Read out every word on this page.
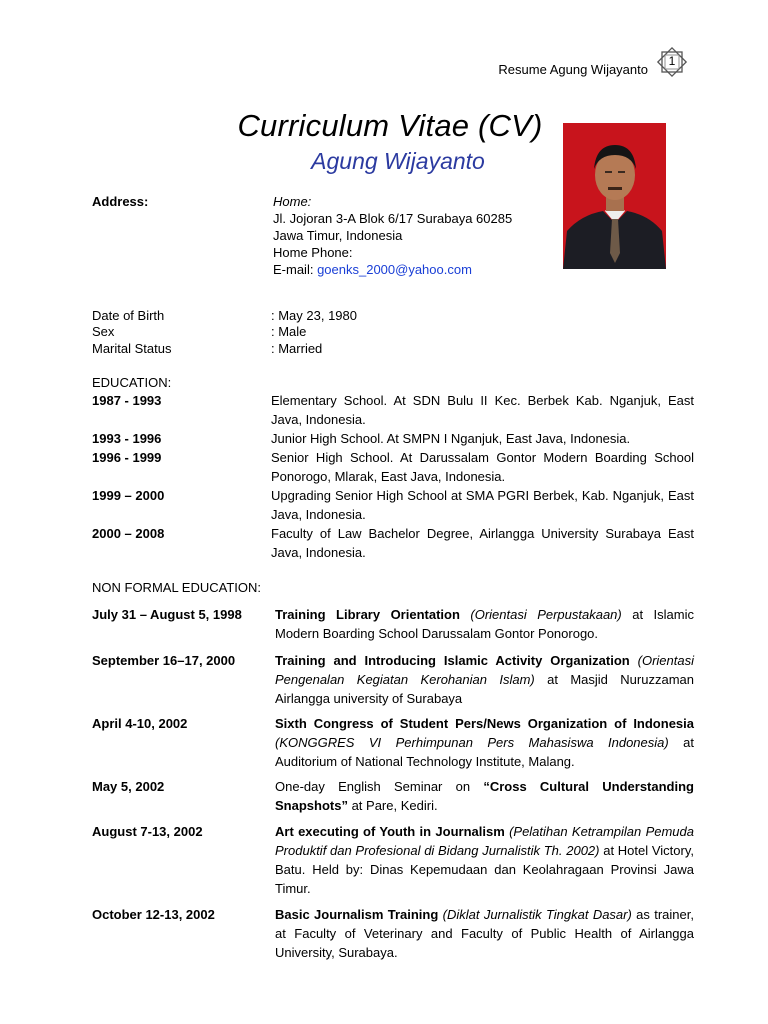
Resume Agung Wijayanto
1
Curriculum Vitae (CV)
Agung Wijayanto
Address:	Home:
Jl. Jojoran 3-A Blok 6/17 Surabaya 60285
Jawa Timur, Indonesia
Home Phone:
E-mail: goenks_2000@yahoo.com
Date of Birth	: May 23, 1980
Sex	: Male
Marital Status	: Married
EDUCATION:
1987 - 1993	Elementary School. At SDN Bulu II Kec. Berbek Kab. Nganjuk, East Java, Indonesia.
1993 - 1996	Junior High School. At SMPN I Nganjuk, East Java, Indonesia.
1996 - 1999	Senior High School. At Darussalam Gontor Modern Boarding School Ponorogo, Mlarak, East Java, Indonesia.
1999 – 2000	Upgrading Senior High School at SMA PGRI Berbek, Kab. Nganjuk, East Java, Indonesia.
2000 – 2008	Faculty of Law Bachelor Degree, Airlangga University Surabaya East Java, Indonesia.
NON FORMAL EDUCATION:
July 31 – August 5, 1998	Training Library Orientation (Orientasi Perpustakaan) at Islamic Modern Boarding School Darussalam Gontor Ponorogo.
September 16–17, 2000	Training and Introducing Islamic Activity Organization (Orientasi Pengenalan Kegiatan Kerohanian Islam) at Masjid Nuruzzaman Airlangga university of Surabaya
April 4-10, 2002	Sixth Congress of Student Pers/News Organization of Indonesia (KONGGRES VI Perhimpunan Pers Mahasiswa Indonesia) at Auditorium of National Technology Institute, Malang.
May 5, 2002	One-day English Seminar on “Cross Cultural Understanding Snapshots” at Pare, Kediri.
August 7-13, 2002	Art executing of Youth in Journalism (Pelatihan Ketrampilan Pemuda Produktif dan Profesional di Bidang Jurnalistik Th. 2002) at Hotel Victory, Batu. Held by: Dinas Kepemudaan dan Keolahragaan Provinsi Jawa Timur.
October 12-13, 2002	Basic Journalism Training (Diklat Jurnalistik Tingkat Dasar) as trainer, at Faculty of Veterinary and Faculty of Public Health of Airlangga University, Surabaya.
